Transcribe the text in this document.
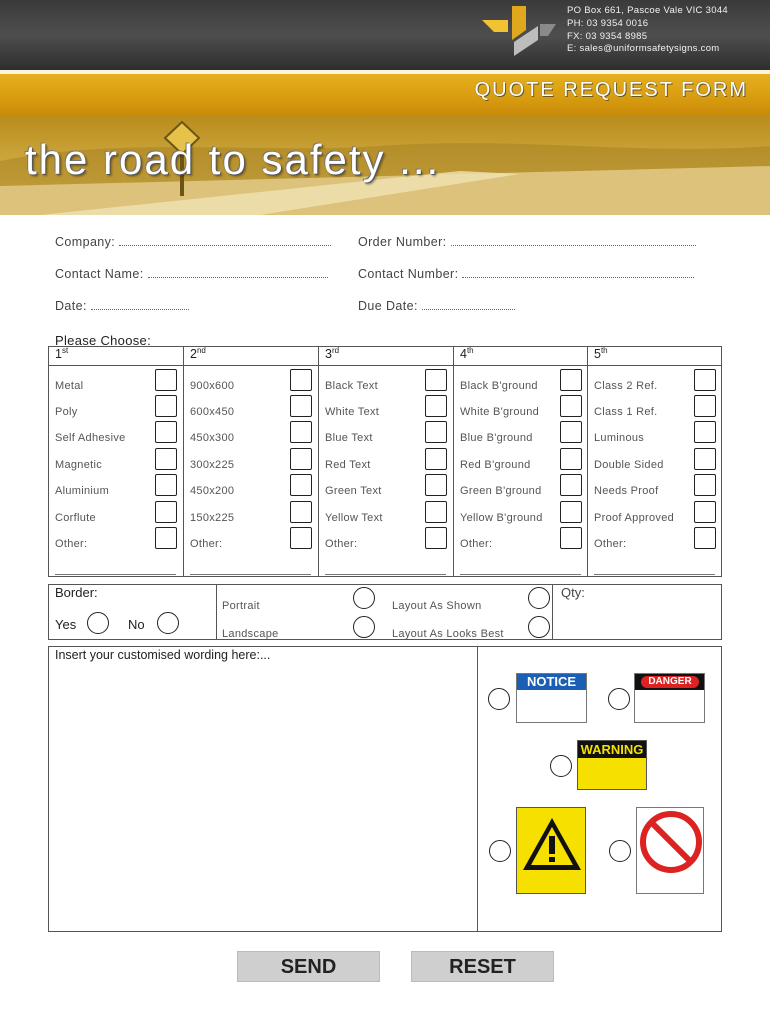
PO Box 661, Pascoe Vale VIC 3044
PH: 03 9354 0016
FX: 03 9354 8985
E: sales@uniformsafetysigns.com
QUOTE REQUEST FORM
the road to safety ...
Company:	Order Number:
Contact Name:	Contact Number:
Date:	Due Date:
Please Choose:
1st
Metal
Poly
Self Adhesive
Magnetic
Aluminium
Corflute
Other:
2nd
900x600
600x450
450x300
300x225
450x200
150x225
Other:
3rd
Black Text
White Text
Blue Text
Red Text
Green Text
Yellow Text
Other:
4th
Black B'ground
White B'ground
Blue B'ground
Red B'ground
Green B'ground
Yellow B'ground
Other:
5th
Class 2 Ref.
Class 1 Ref.
Luminous
Double Sided
Needs Proof
Proof Approved
Other:
Border:
Yes	No
Portrait
Landscape
Layout As Shown
Layout As Looks Best
Qty:
Insert your customised wording here:...
NOTICE	DANGER
WARNING
SEND	RESET
